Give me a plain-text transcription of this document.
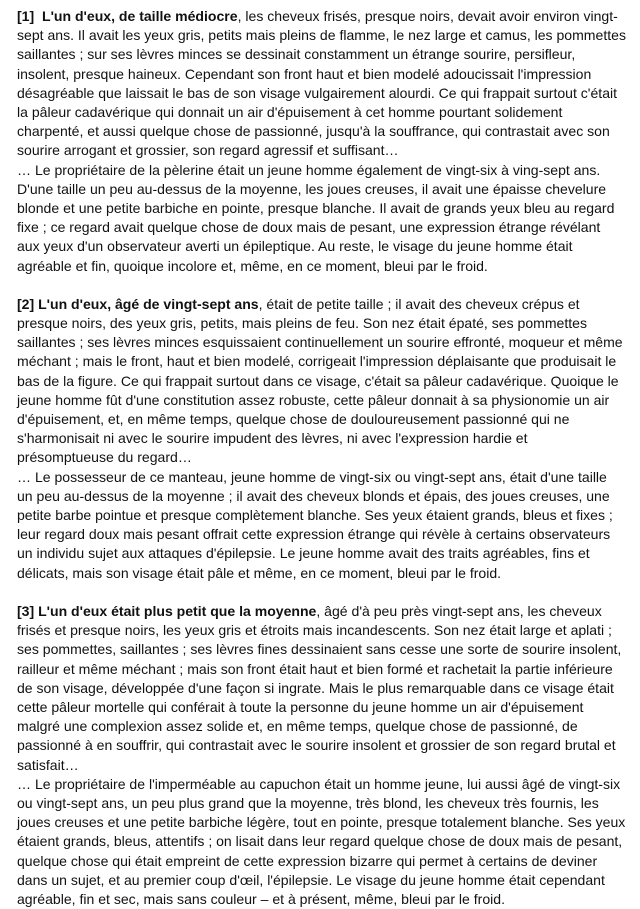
[1] L'un d'eux, de taille médiocre, les cheveux frisés, presque noirs, devait avoir environ vingt-sept ans. Il avait les yeux gris, petits mais pleins de flamme, le nez large et camus, les pommettes saillantes ; sur ses lèvres minces se dessinait constamment un étrange sourire, persifleur, insolent, presque haineux. Cependant son front haut et bien modelé adoucissait l'impression désagréable que laissait le bas de son visage vulgairement alourdi. Ce qui frappait surtout c'était la pâleur cadavérique qui donnait un air d'épuisement à cet homme pourtant solidement charpenté, et aussi quelque chose de passionné, jusqu'à la souffrance, qui contrastait avec son sourire arrogant et grossier, son regard agressif et suffisant…

… Le propriétaire de la pèlerine était un jeune homme également de vingt-six à ving-sept ans. D'une taille un peu au-dessus de la moyenne, les joues creuses, il avait une épaisse chevelure blonde et une petite barbiche en pointe, presque blanche. Il avait de grands yeux bleu au regard fixe ; ce regard avait quelque chose de doux mais de pesant, une expression étrange révélant aux yeux d'un observateur averti un épileptique. Au reste, le visage du jeune homme était agréable et fin, quoique incolore et, même, en ce moment, bleui par le froid.

[2] L'un d'eux, âgé de vingt-sept ans, était de petite taille ; il avait des cheveux crépus et presque noirs, des yeux gris, petits, mais pleins de feu. Son nez était épaté, ses pommettes saillantes ; ses lèvres minces esquissaient continuellement un sourire effronté, moqueur et même méchant ; mais le front, haut et bien modelé, corrigeait l'impression déplaisante que produisait le bas de la figure. Ce qui frappait surtout dans ce visage, c'était sa pâleur cadavérique. Quoique le jeune homme fût d'une constitution assez robuste, cette pâleur donnait à sa physionomie un air d'épuisement, et, en même temps, quelque chose de douloureusement passionné qui ne s'harmonisait ni avec le sourire impudent des lèvres, ni avec l'expression hardie et présomptueuse du regard…

… Le possesseur de ce manteau, jeune homme de vingt-six ou vingt-sept ans, était d'une taille un peu au-dessus de la moyenne ; il avait des cheveux blonds et épais, des joues creuses, une petite barbe pointue et presque complètement blanche. Ses yeux étaient grands, bleus et fixes ; leur regard doux mais pesant offrait cette expression étrange qui révèle à certains observateurs un individu sujet aux attaques d'épilepsie. Le jeune homme avait des traits agréables, fins et délicats, mais son visage était pâle et même, en ce moment, bleui par le froid.

[3] L'un d'eux était plus petit que la moyenne, âgé d'à peu près vingt-sept ans, les cheveux frisés et presque noirs, les yeux gris et étroits mais incandescents. Son nez était large et aplati ; ses pommettes, saillantes ; ses lèvres fines dessinaient sans cesse une sorte de sourire insolent, railleur et même méchant ; mais son front était haut et bien formé et rachetait la partie inférieure de son visage, développée d'une façon si ingrate. Mais le plus remarquable dans ce visage était cette pâleur mortelle qui conférait à toute la personne du jeune homme un air d'épuisement malgré une complexion assez solide et, en même temps, quelque chose de passionné, de passionné à en souffrir, qui contrastait avec le sourire insolent et grossier de son regard brutal et satisfait…

… Le propriétaire de l'imperméable au capuchon était un homme jeune, lui aussi âgé de vingt-six ou vingt-sept ans, un peu plus grand que la moyenne, très blond, les cheveux très fournis, les joues creuses et une petite barbiche légère, tout en pointe, presque totalement blanche. Ses yeux étaient grands, bleus, attentifs ; on lisait dans leur regard quelque chose de doux mais de pesant, quelque chose qui était empreint de cette expression bizarre qui permet à certains de deviner dans un sujet, et au premier coup d'œil, l'épilepsie. Le visage du jeune homme était cependant agréable, fin et sec, mais sans couleur – et à présent, même, bleui par le froid.
